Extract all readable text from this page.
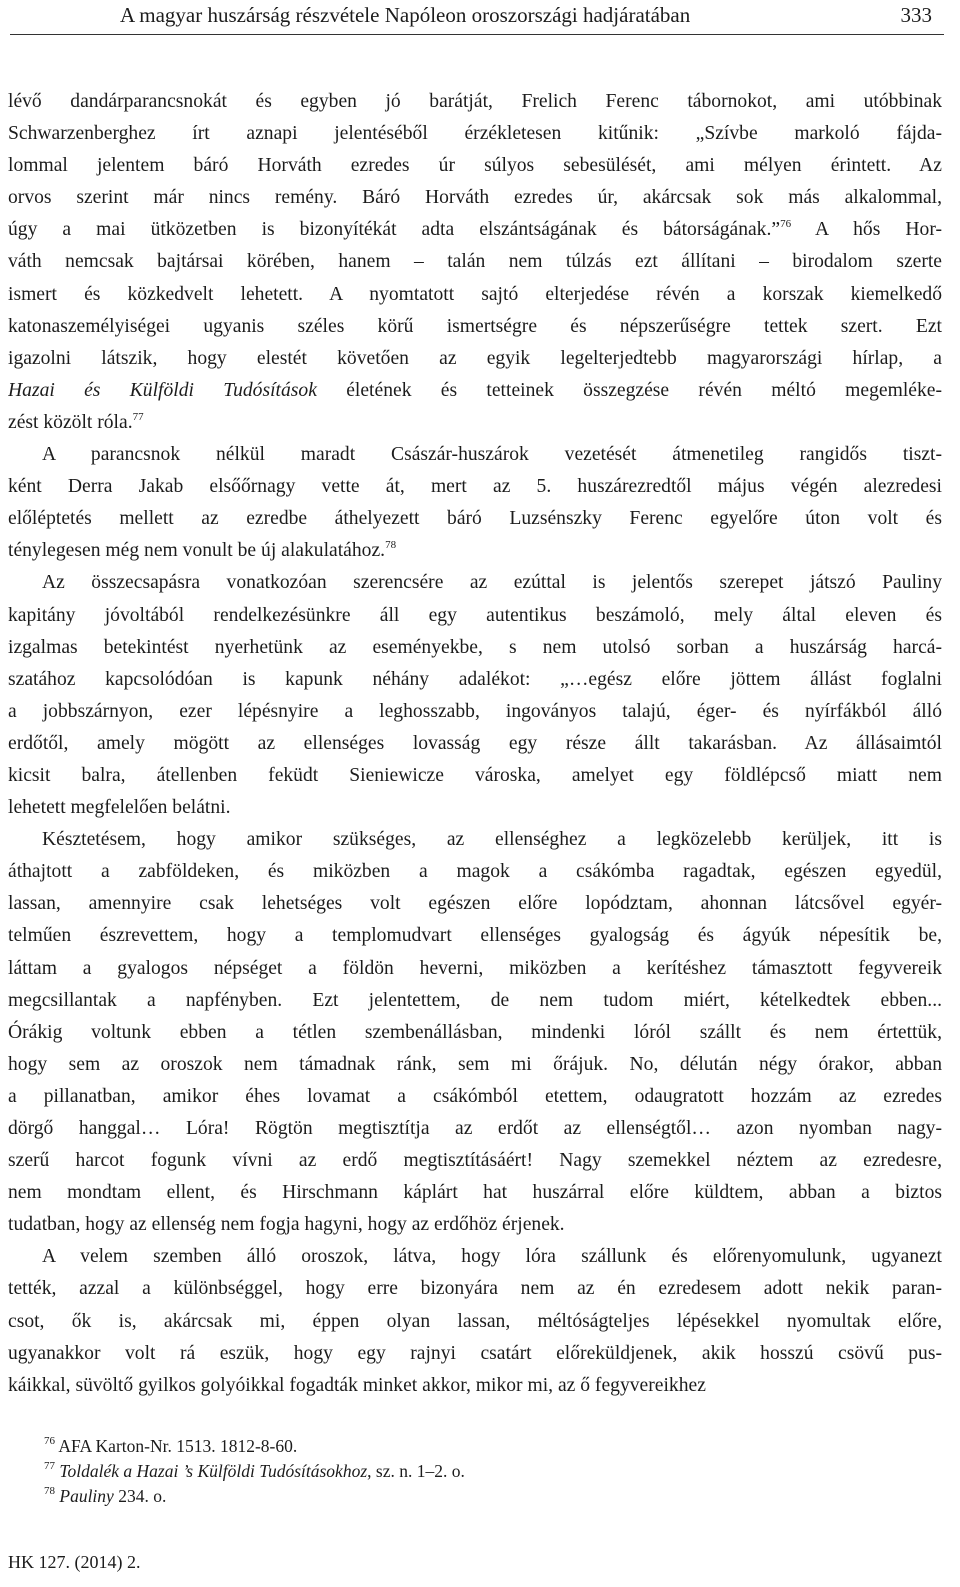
A magyar huszárság részvétele Napóleon oroszországi hadjáratában	333

lévő dandárparancsnokát és egyben jó barátját, Frelich Ferenc tábornokot, ami utóbbinak
Schwarzenberghez írt aznapi jelentéséből érzékletesen kitűnik: „Szívbe markoló fájda-
lommal jelentem báró Horváth ezredes úr súlyos sebesülését, ami mélyen érintett. Az
orvos szerint már nincs remény. Báró Horváth ezredes úr, akárcsak sok más alkalommal,
úgy a mai ütközetben is bizonyítékát adta elszántságának és bátorságának.”$^{76}$ A hős Hor-
váth nemcsak bajtársai körében, hanem – talán nem túlzás ezt állítani – birodalom szerte
ismert és közkedvelt lehetett. A nyomtatott sajtó elterjedése révén a korszak kiemelkedő
katonaszemélyiségei ugyanis széles körű ismertségre és népszerűségre tettek szert. Ezt
igazolni látszik, hogy elestét követően az egyik legelterjedtebb magyarországi hírlap, a
Hazai és Külföldi Tudósítások életének és tetteinek összegzése révén méltó megemléke-
zést közölt róla.$^{77}$

A parancsnok nélkül maradt Császár-huszárok vezetését átmenetileg rangidős tiszt-
ként Derra Jakab elsőőrnagy vette át, mert az 5. huszárezredtől május végén alezredesi
előléptetés mellett az ezredbe áthelyezett báró Luzsénszky Ferenc egyelőre úton volt és
ténylegesen még nem vonult be új alakulatához.$^{78}$

Az összecsapásra vonatkozóan szerencsére az ezúttal is jelentős szerepet játszó Pauliny
kapitány jóvoltából rendelkezésünkre áll egy autentikus beszámoló, mely által eleven és
izgalmas betekintést nyerhetünk az eseményekbe, s nem utolsó sorban a huszárság harcá-
szatához kapcsolódóan is kapunk néhány adalékot: „…egész előre jöttem állást foglalni
a jobbszárnyon, ezer lépésnyire a leghosszabb, ingoványos talajú, éger- és nyírfákból álló
erdőtől, amely mögött az ellenséges lovasság egy része állt takarásban. Az állásaimtól
kicsit balra, átellenben feküdt Sieniewicze városka, amelyet egy földlépcső miatt nem
lehetett megfelelően belátni.

Késztetésem, hogy amikor szükséges, az ellenséghez a legközelebb kerüljek, itt is
áthajtott a zabföldeken, és miközben a magok a csákómba ragadtak, egészen egyedül,
lassan, amennyire csak lehetséges volt egészen előre lopództam, ahonnan látcsővel egyér-
telműen észrevettem, hogy a templomudvart ellenséges gyalogság és ágyúk népesítik be,
láttam a gyalogos népséget a földön heverni, miközben a kerítéshez támasztott fegyvereik
megcsillantak a napfényben. Ezt jelentettem, de nem tudom miért, kételkedtek ebben...
Órákig voltunk ebben a tétlen szembenállásban, mindenki lóról szállt és nem értettük,
hogy sem az oroszok nem támadnak ránk, sem mi őrájuk. No, délután négy órakor, abban
a pillanatban, amikor éhes lovamat a csákómból etettem, odaugratott hozzám az ezredes
dörgő hanggal… Lóra! Rögtön megtisztítja az erdőt az ellenségtől… azon nyomban nagy-
szerű harcot fogunk vívni az erdő megtisztításáért! Nagy szemekkel néztem az ezredesre,
nem mondtam ellent, és Hirschmann káplárt hat huszárral előre küldtem, abban a biztos
tudatban, hogy az ellenség nem fogja hagyni, hogy az erdőhöz érjenek.

A velem szemben álló oroszok, látva, hogy lóra szállunk és előrenyomulunk, ugyanezt
tették, azzal a különbséggel, hogy erre bizonyára nem az én ezredesem adott nekik paran-
csot, ők is, akárcsak mi, éppen olyan lassan, méltóságteljes lépésekkel nyomultak előre,
ugyanakkor volt rá eszük, hogy egy rajnyi csatárt előreküldjenek, akik hosszú csövű pus-
káikkal, süvöltő gyilkos golyóikkal fogadták minket akkor, mikor mi, az ő fegyvereikhez

$^{76}$ AFA Karton-Nr. 1513. 1812-8-60.
$^{77}$ Toldalék a Hazai ’s Külföldi Tudósításokhoz, sz. n. 1–2. o.
$^{78}$ Pauliny 234. o.
HK 127. (2014) 2.
